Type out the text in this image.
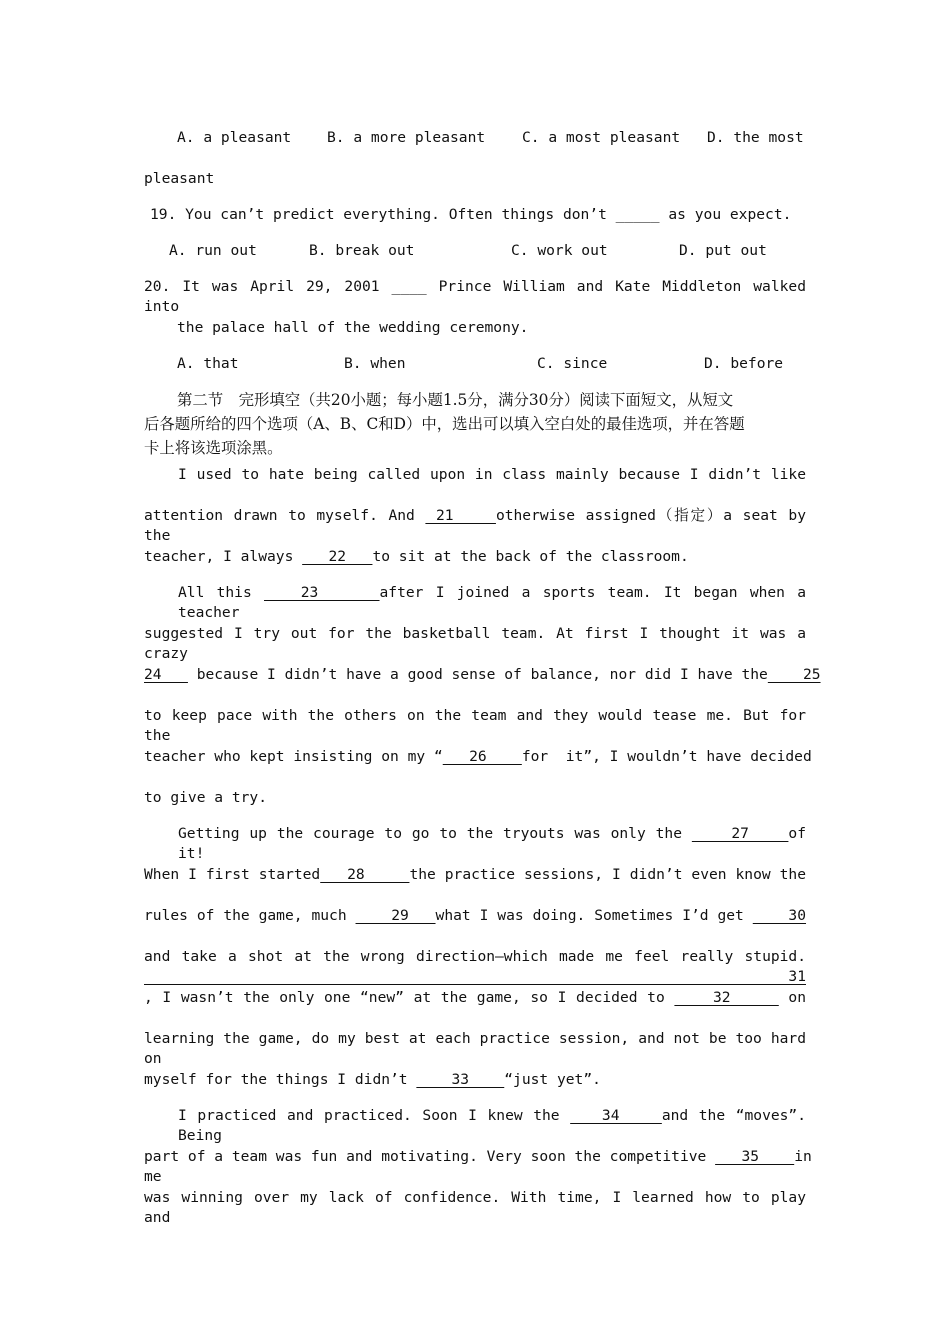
A. a pleasant B. a more pleasant	C. a most pleasant D. the most
pleasant
19. You can’t predict everything. Often things don’t _____ as you expect.
A. run out	B. break out	C. work out	D. put out
20. It was April 29, 2001 ____ Prince William and Kate Middleton walked into
the palace hall of the wedding ceremony.
A. that	B. when	C. since	D. before
第二节　完形填空（共20小题；每小题1.5分，满分30分）阅读下面短文，从短文
后各题所给的四个选项（A、B、C和D）中，选出可以填入空白处的最佳选项，并在答题
卡上将该选项涂黑。
I used to hate being called upon in class mainly because I didn’t like
attention drawn to myself. And  21    otherwise assigned（指定）a seat by the
teacher, I always    22   to sit at the back of the classroom.
All this    23     after I joined a sports team. It began when a teacher
suggested I try out for the basketball team. At first I thought it was a crazy
24    because I didn’t have a good sense of balance, nor did I have the    25
to keep pace with the others on the team and they would tease me. But for the
teacher who kept insisting on my “   26    for  it”, I wouldn’t have decided
to give a try.
Getting up the courage to go to the tryouts was only the     27    of it!
When I first started   28     the practice sessions, I didn’t even know the
rules of the game, much     29   what I was doing. Sometimes I’d get     30
and take a shot at the wrong direction—which made me feel really stupid.    31
, I wasn’t the only one “new” at the game, so I decided to     32      on
learning the game, do my best at each practice session, and not be too hard on
myself for the things I didn’t     33    “just yet”.
I practiced and practiced. Soon I knew the    34    and the “moves”. Being
part of a team was fun and motivating. Very soon the competitive    35    in me
was winning over my lack of confidence. With time, I learned how to play and
